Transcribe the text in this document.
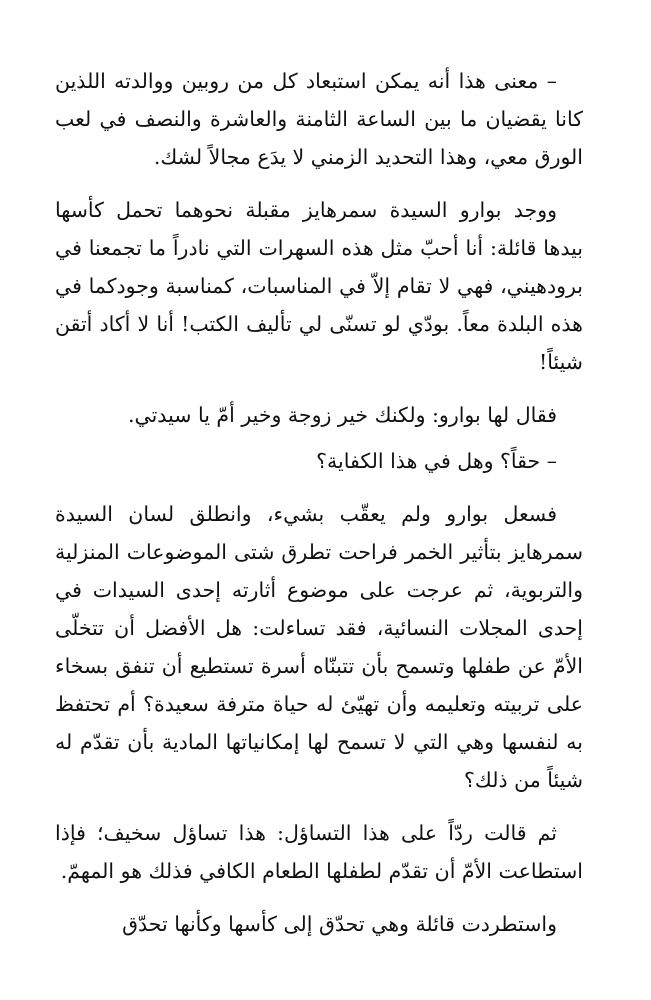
– معنى هذا أنه يمكن استبعاد كل من روبين ووالدته اللذين كانا يقضيان ما بين الساعة الثامنة والعاشرة والنصف في لعب الورق معي، وهذا التحديد الزمني لا يدَع مجالاً لشك.

ووجد بوارو السيدة سمرهايز مقبلة نحوهما تحمل كأسها بيدها قائلة: أنا أحبّ مثل هذه السهرات التي نادراً ما تجمعنا في برودهيني، فهي لا تقام إلاّ في المناسبات، كمناسبة وجودكما في هذه البلدة معاً. بودّي لو تسنّى لي تأليف الكتب! أنا لا أكاد أتقن شيئاً!

فقال لها بوارو: ولكنك خير زوجة وخير أمّ يا سيدتي.

– حقاً؟ وهل في هذا الكفاية؟

فسعل بوارو ولم يعقّب بشيء، وانطلق لسان السيدة سمرهايز بتأثير الخمر فراحت تطرق شتى الموضوعات المنزلية والتربوية، ثم عرجت على موضوع أثارته إحدى السيدات في إحدى المجلات النسائية، فقد تساءلت: هل الأفضل أن تتخلّى الأمّ عن طفلها وتسمح بأن تتبنّاه أسرة تستطيع أن تنفق بسخاء على تربيته وتعليمه وأن تهيّئ له حياة مترفة سعيدة؟ أم تحتفظ به لنفسها وهي التي لا تسمح لها إمكانياتها المادية بأن تقدّم له شيئاً من ذلك؟

ثم قالت ردّاً على هذا التساؤل: هذا تساؤل سخيف؛ فإذا استطاعت الأمّ أن تقدّم لطفلها الطعام الكافي فذلك هو المهمّ.

واستطردت قائلة وهي تحدّق إلى كأسها وكأنها تحدّق
